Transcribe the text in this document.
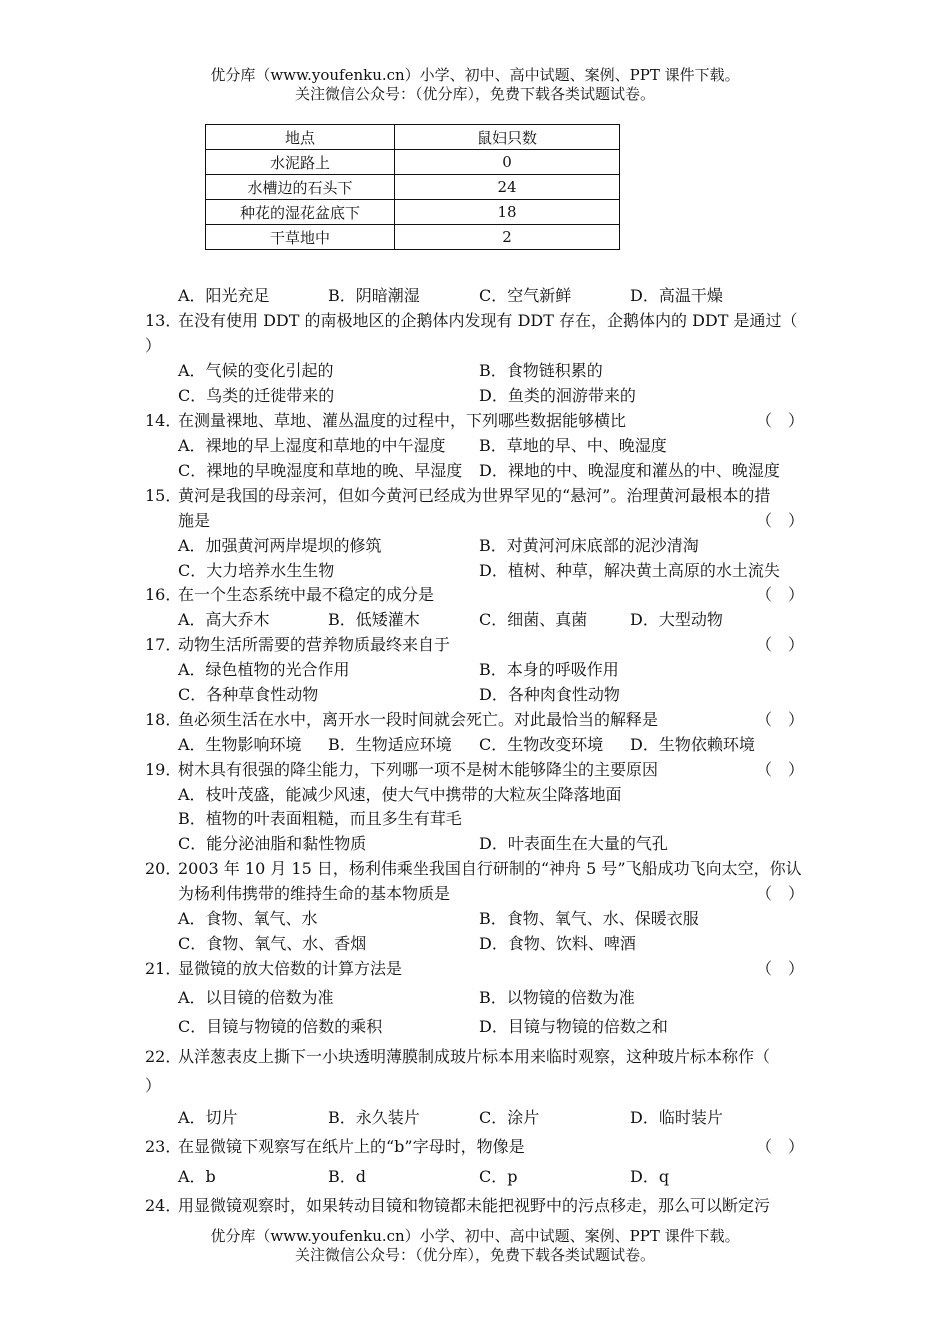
优分库（www.youfenku.cn）小学、初中、高中试题、案例、PPT 课件下载。
关注微信公众号：（优分库），免费下载各类试题试卷。
地点	鼠妇只数
水泥路上	0
水槽边的石头下	24
种花的湿花盆底下	18
干草地中	2
A．阳光充足	B．阴暗潮湿	C．空气新鲜	D．高温干燥
13．
在没有使用 DDT 的南极地区的企鹅体内发现有 DDT 存在，企鹅体内的 DDT 是通过（
）
A．气候的变化引起的	B．食物链积累的
C．鸟类的迁徙带来的	D．鱼类的洄游带来的
14．
在测量裸地、草地、灌丛温度的过程中，下列哪些数据能够横比	（　）
A．裸地的早上湿度和草地的中午湿度 B．草地的早、中、晚湿度
C．裸地的早晚湿度和草地的晚、早湿度 D．裸地的中、晚湿度和灌丛的中、晚湿度
15．
黄河是我国的母亲河，但如今黄河已经成为世界罕见的“悬河”。治理黄河最根本的措
施是	（　）
A．加强黄河两岸堤坝的修筑	B．对黄河河床底部的泥沙清淘
C．大力培养水生生物	D．植树、种草，解决黄土高原的水土流失
16．
在一个生态系统中最不稳定的成分是	（　）
A．高大乔木	B．低矮灌木	C．细菌、真菌	D．大型动物
17．
动物生活所需要的营养物质最终来自于	（　）
A．绿色植物的光合作用	B．本身的呼吸作用
C．各种草食性动物	D．各种肉食性动物
18．
鱼必须生活在水中，离开水一段时间就会死亡。对此最恰当的解释是	（　）
A．生物影响环境 B．生物适应环境 C．生物改变环境 D．生物依赖环境
19．
树木具有很强的降尘能力，下列哪一项不是树木能够降尘的主要原因	（　）
A．枝叶茂盛，能减少风速，使大气中携带的大粒灰尘降落地面
B．植物的叶表面粗糙，而且多生有茸毛
C．能分泌油脂和黏性物质	D．叶表面生在大量的气孔
20．
2003 年 10 月 15 日，杨利伟乘坐我国自行研制的“神舟 5 号”飞船成功飞向太空，你认
为杨利伟携带的维持生命的基本物质是	（　）
A．食物、氧气、水	B．食物、氧气、水、保暖衣服
C．食物、氧气、水、香烟	D．食物、饮料、啤酒
21．
显微镜的放大倍数的计算方法是	（　）
A．以目镜的倍数为准	B．以物镜的倍数为准
C．目镜与物镜的倍数的乘积	D．目镜与物镜的倍数之和
22．
从洋葱表皮上撕下一小块透明薄膜制成玻片标本用来临时观察，这种玻片标本称作（
）
A．切片	B．永久装片	C．涂片	D．临时装片
23．
在显微镜下观察写在纸片上的“b”字母时，物像是	（　）
A．b	B．d	C．p	D．q
24．
用显微镜观察时，如果转动目镜和物镜都未能把视野中的污点移走，那么可以断定污
优分库（www.youfenku.cn）小学、初中、高中试题、案例、PPT 课件下载。
关注微信公众号：（优分库），免费下载各类试题试卷。
